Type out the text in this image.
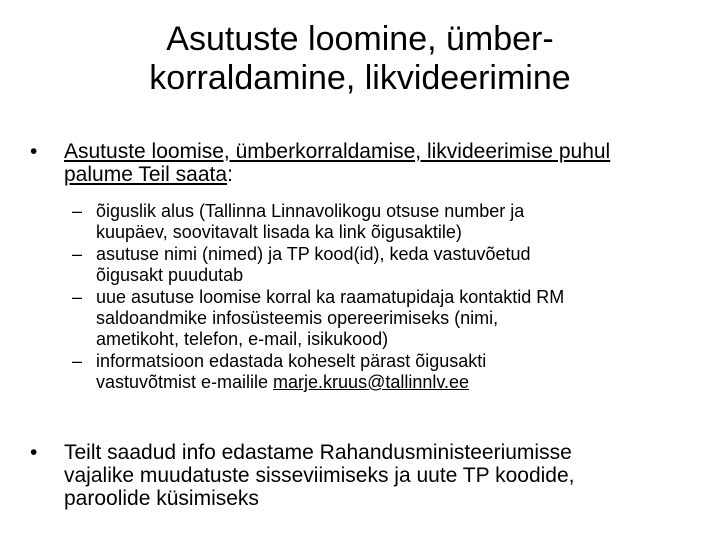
Asutuste loomine, ümber-
korraldamine, likvideerimine
• Asutuste loomise, ümberkorraldamise, likvideerimise puhul
palume Teil saata:
– õiguslik alus (Tallinna Linnavolikogu otsuse number ja
kuupäev, soovitavalt lisada ka link õigusaktile)
– asutuse nimi (nimed) ja TP kood(id), keda vastuvõetud
õigusakt puudutab
– uue asutuse loomise korral ka raamatupidaja kontaktid RM
saldoandmike infosüsteemis opereerimiseks (nimi,
ametikoht, telefon, e-mail, isikukood)
– informatsioon edastada koheselt pärast õigusakti
vastuvõtmist e-mailile marje.kruus@tallinnlv.ee
• Teilt saadud info edastame Rahandusministeeriumisse
vajalike muudatuste sisseviimiseks ja uute TP koodide,
paroolide küsimiseks
